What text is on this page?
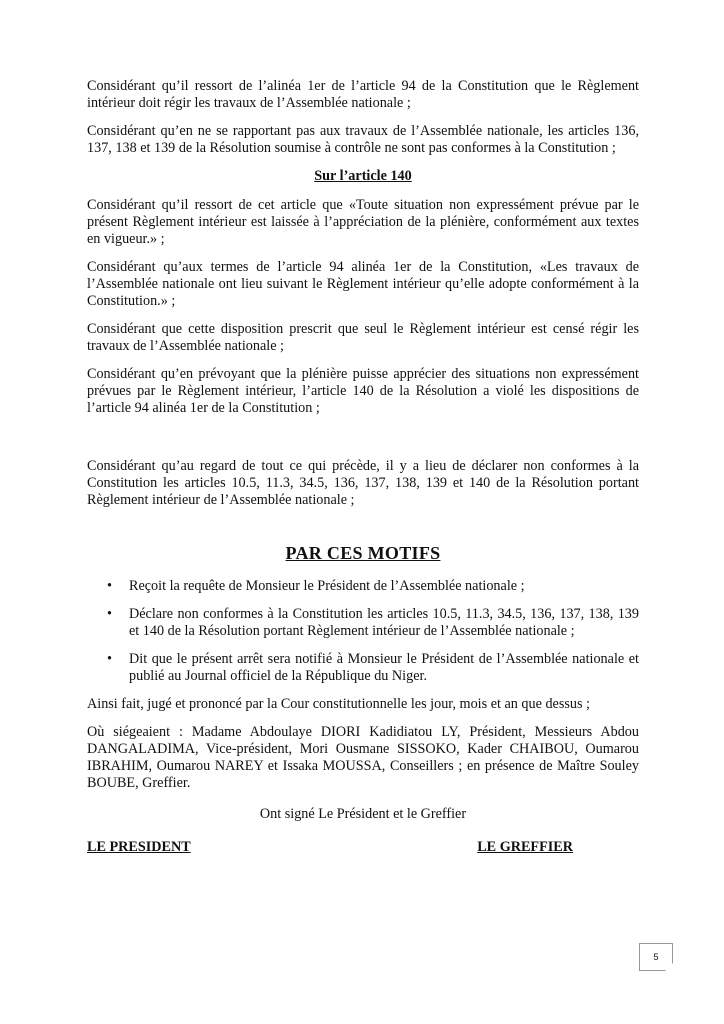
Considérant qu’il ressort de l’alinéa 1er de l’article 94 de la Constitution que le Règlement intérieur doit régir les travaux de l’Assemblée nationale ;

Considérant qu’en ne se rapportant pas aux travaux de l’Assemblée nationale, les articles 136, 137, 138 et 139 de la Résolution soumise à contrôle ne sont pas conformes à la Constitution ;

Sur l’article 140

Considérant qu’il ressort de cet article que «Toute situation non expressément prévue par le présent Règlement intérieur est laissée à l’appréciation de la plénière, conformément aux textes en vigueur.» ;

Considérant qu’aux termes de l’article 94 alinéa 1er de la Constitution, «Les travaux de l’Assemblée nationale ont lieu suivant le Règlement intérieur qu’elle adopte conformément à la Constitution.» ;

Considérant que cette disposition prescrit que seul le Règlement intérieur est censé régir les travaux de l’Assemblée nationale ;

Considérant qu’en prévoyant que la plénière puisse apprécier des situations non expressément prévues par le Règlement intérieur, l’article 140 de la Résolution a violé les dispositions de l’article 94 alinéa 1er de la Constitution ;

Considérant qu’au regard de tout ce qui précède, il y a lieu de déclarer non conformes à la Constitution les articles 10.5, 11.3, 34.5, 136, 137, 138, 139 et 140 de la Résolution portant Règlement intérieur de l’Assemblée nationale ;

PAR CES MOTIFS
• Reçoit la requête de Monsieur le Président de l’Assemblée nationale ;
• Déclare non conformes à la Constitution les articles 10.5, 11.3, 34.5, 136, 137, 138, 139 et 140 de la Résolution portant Règlement intérieur de l’Assemblée nationale ;
• Dit que le présent arrêt sera notifié à Monsieur le Président de l’Assemblée nationale et publié au Journal officiel de la République du Niger.

Ainsi fait, jugé et prononcé par la Cour constitutionnelle les jour, mois et an que dessus ;

Où siégeaient : Madame Abdoulaye DIORI Kadidiatou LY, Président, Messieurs Abdou DANGALADIMA, Vice-président, Mori Ousmane SISSOKO, Kader CHAIBOU, Oumarou IBRAHIM, Oumarou NAREY et Issaka MOUSSA, Conseillers ; en présence de Maître Souley BOUBE, Greffier.

Ont signé Le Président et le Greffier
LE PRESIDENT	LE GREFFIER
5
